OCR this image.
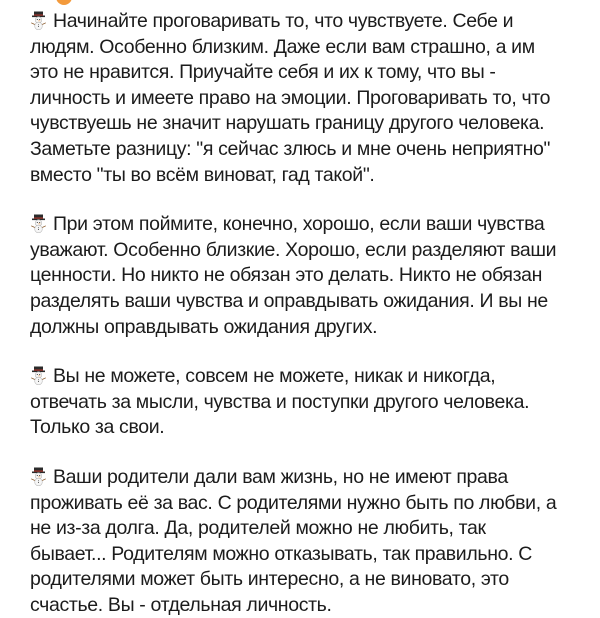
Начинайте проговаривать то, что чувствуете. Себе и
людям. Особенно близким. Даже если вам страшно, а им
это не нравится. Приучайте себя и их к тому, что вы -
личность и имеете право на эмоции. Проговаривать то, что
чувствуешь не значит нарушать границу другого человека.
Заметьте разницу: "я сейчас злюсь и мне очень неприятно"
вместо "ты во всём виноват, гад такой".

При этом поймите, конечно, хорошо, если ваши чувства
уважают. Особенно близкие. Хорошо, если разделяют ваши
ценности. Но никто не обязан это делать. Никто не обязан
разделять ваши чувства и оправдывать ожидания. И вы не
должны оправдывать ожидания других.

Вы не можете, совсем не можете, никак и никогда,
отвечать за мысли, чувства и поступки другого человека.
Только за свои.

Ваши родители дали вам жизнь, но не имеют права
проживать её за вас. С родителями нужно быть по любви, а
не из-за долга. Да, родителей можно не любить, так
бывает... Родителям можно отказывать, так правильно. С
родителями может быть интересно, а не виновато, это
счастье. Вы - отдельная личность.
